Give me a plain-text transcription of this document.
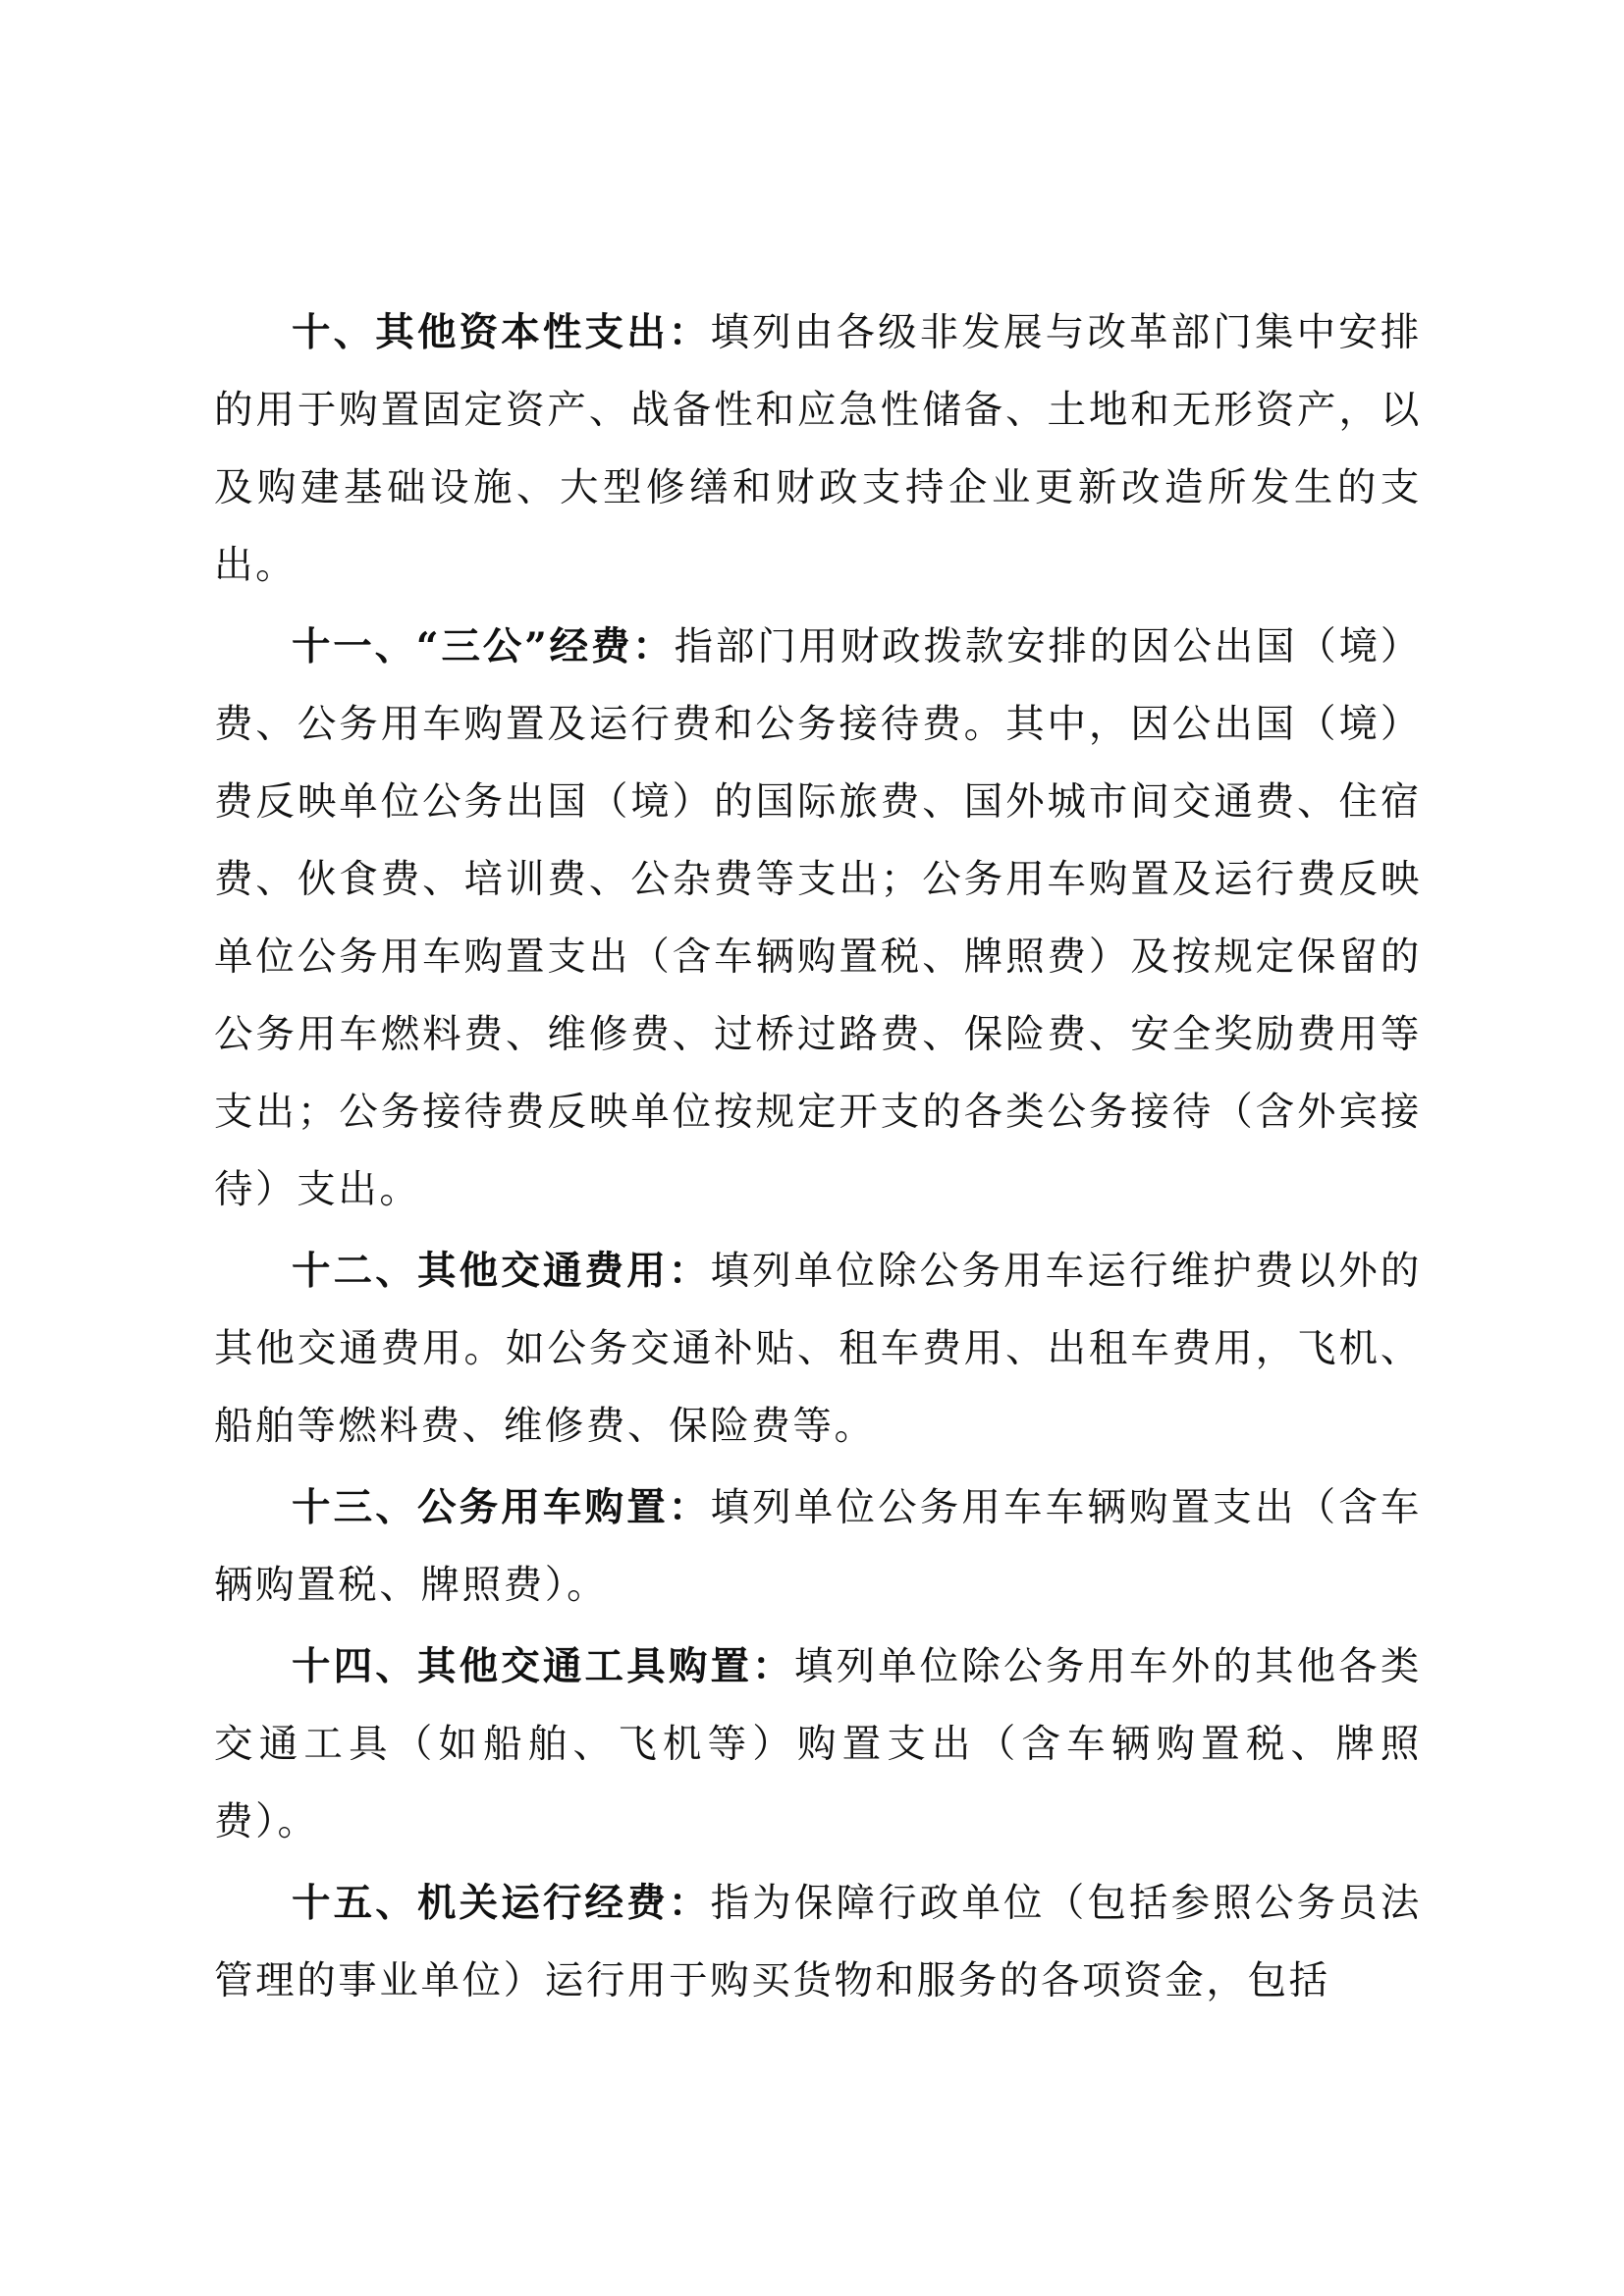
十、其他资本性支出：填列由各级非发展与改革部门集中安排的用于购置固定资产、战备性和应急性储备、土地和无形资产，以及购建基础设施、大型修缮和财政支持企业更新改造所发生的支出。

十一、“三公”经费：指部门用财政拨款安排的因公出国（境）费、公务用车购置及运行费和公务接待费。其中，因公出国（境）费反映单位公务出国（境）的国际旅费、国外城市间交通费、住宿费、伙食费、培训费、公杂费等支出；公务用车购置及运行费反映单位公务用车购置支出（含车辆购置税、牌照费）及按规定保留的公务用车燃料费、维修费、过桥过路费、保险费、安全奖励费用等支出；公务接待费反映单位按规定开支的各类公务接待（含外宾接待）支出。

十二、其他交通费用：填列单位除公务用车运行维护费以外的其他交通费用。如公务交通补贴、租车费用、出租车费用，飞机、船舶等燃料费、维修费、保险费等。

十三、公务用车购置：填列单位公务用车车辆购置支出（含车辆购置税、牌照费）。

十四、其他交通工具购置：填列单位除公务用车外的其他各类交通工具（如船舶、飞机等）购置支出（含车辆购置税、牌照费）。

十五、机关运行经费：指为保障行政单位（包括参照公务员法管理的事业单位）运行用于购买货物和服务的各项资金，包括
